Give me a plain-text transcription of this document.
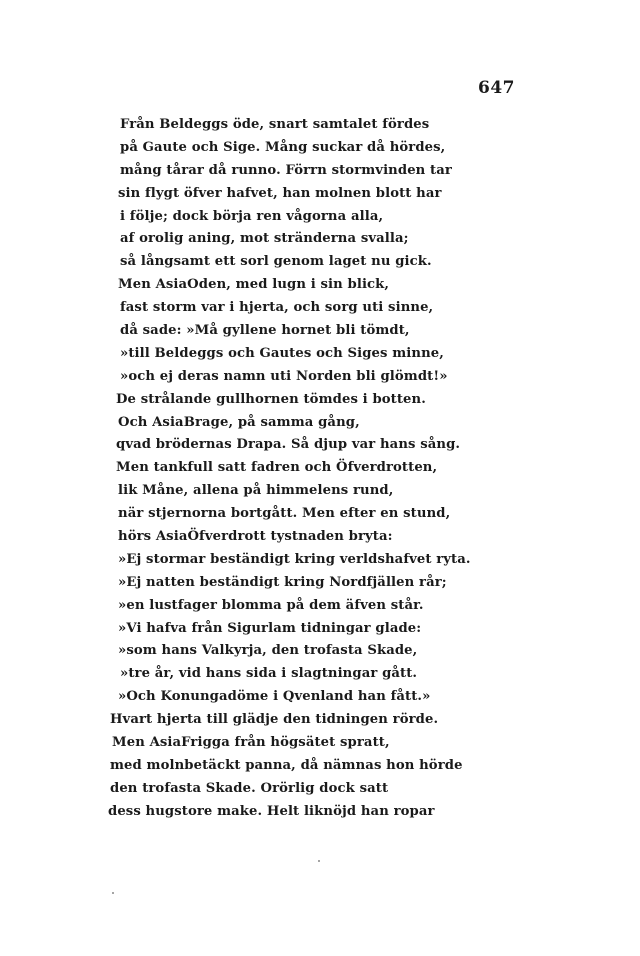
647
Från Beldeggs öde, snart samtalet fördes
på Gaute och Sige. Mång suckar då hördes,
mång tårar då runno. Förrn stormvinden tar
sin flygt öfver hafvet, han molnen blott har
i följe; dock börja ren vågorna alla,
af orolig aning, mot stränderna svalla;
så långsamt ett sorl genom laget nu gick.
Men AsiaOden, med lugn i sin blick,
fast storm var i hjerta, och sorg uti sinne,
då sade: »Må gyllene hornet bli tömdt,
»till Beldeggs och Gautes och Siges minne,
»och ej deras namn uti Norden bli glömdt!»
De strålande gullhornen tömdes i botten.
Och AsiaBrage, på samma gång,
qvad brödernas Drapa. Så djup var hans sång.
Men tankfull satt fadren och Öfverdrotten,
lik Måne, allena på himmelens rund,
när stjernorna bortgått. Men efter en stund,
hörs AsiaÖfverdrott tystnaden bryta:
»Ej stormar beständigt kring verldshafvet ryta.
»Ej natten beständigt kring Nordfjällen rår;
»en lustfager blomma på dem äfven står.
»Vi hafva från Sigurlam tidningar glade:
»som hans Valkyrja, den trofasta Skade,
»tre år, vid hans sida i slagtningar gått.
»Och Konungadöme i Qvenland han fått.»
Hvart hjerta till glädje den tidningen rörde.
Men AsiaFrigga från högsätet spratt,
med molnbetäckt panna, då nämnas hon hörde
den trofasta Skade. Orörlig dock satt
dess hugstore make. Helt liknöjd han ropar
